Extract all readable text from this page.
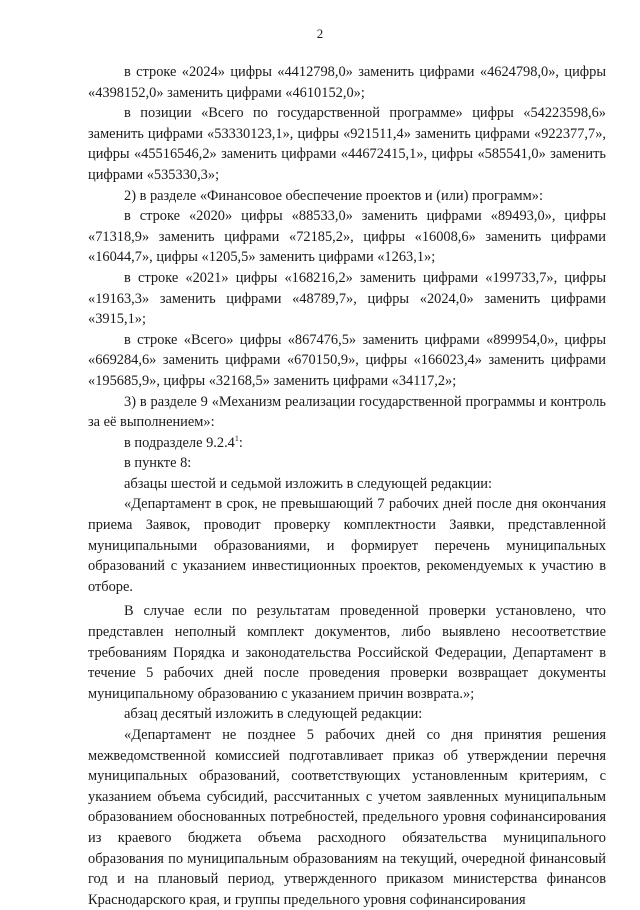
2

в строке «2024» цифры «4412798,0» заменить цифрами «4624798,0», цифры «4398152,0» заменить цифрами «4610152,0»;

в позиции «Всего по государственной программе» цифры «54223598,6» заменить цифрами «53330123,1», цифры «921511,4» заменить цифрами «922377,7», цифры «45516546,2» заменить цифрами «44672415,1», цифры «585541,0» заменить цифрами «535330,3»;

2) в разделе «Финансовое обеспечение проектов и (или) программ»:

в строке «2020» цифры «88533,0» заменить цифрами «89493,0», цифры «71318,9» заменить цифрами «72185,2», цифры «16008,6» заменить цифрами «16044,7», цифры «1205,5» заменить цифрами «1263,1»;

в строке «2021» цифры «168216,2» заменить цифрами «199733,7», цифры «19163,3» заменить цифрами «48789,7», цифры «2024,0» заменить цифрами «3915,1»;

в строке «Всего» цифры «867476,5» заменить цифрами «899954,0», цифры «669284,6» заменить цифрами «670150,9», цифры «166023,4» заменить цифрами «195685,9», цифры «32168,5» заменить цифрами «34117,2»;

3) в разделе 9 «Механизм реализации государственной программы и контроль за её выполнением»:

в подразделе 9.2.4$^1$:

в пункте 8:

абзацы шестой и седьмой изложить в следующей редакции:

«Департамент в срок, не превышающий 7 рабочих дней после дня окончания приема Заявок, проводит проверку комплектности Заявки, представленной муниципальными образованиями, и формирует перечень муниципальных образований с указанием инвестиционных проектов, рекомендуемых к участию в отборе.

В случае если по результатам проведенной проверки установлено, что представлен неполный комплект документов, либо выявлено несоответствие требованиям Порядка и законодательства Российской Федерации, Департамент в течение 5 рабочих дней после проведения проверки возвращает документы муниципальному образованию с указанием причин возврата.»;

абзац десятый изложить в следующей редакции:

«Департамент не позднее 5 рабочих дней со дня принятия решения межведомственной комиссией подготавливает приказ об утверждении перечня муниципальных образований, соответствующих установленным критериям, с указанием объема субсидий, рассчитанных с учетом заявленных муниципальным образованием обоснованных потребностей, предельного уровня софинансирования из краевого бюджета объема расходного обязательства муниципального образования по муниципальным образованиям на текущий, очередной финансовый год и на плановый период, утвержденного приказом министерства финансов Краснодарского края, и группы предельного уровня софинансирования
